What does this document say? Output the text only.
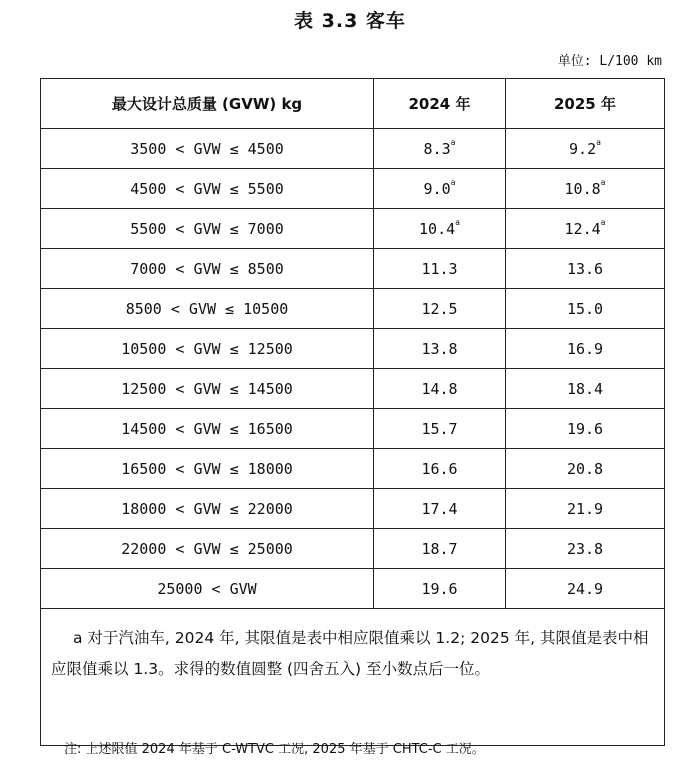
表 3.3 客车
单位: L/100 km
最大设计总质量 (GVW) kg	2024 年	2025 年
3500 < GVW ≤ 4500	8.3$^a$	9.2$^a$
4500 < GVW ≤ 5500	9.0$^a$	10.8$^a$
5500 < GVW ≤ 7000	10.4$^a$	12.4$^a$
7000 < GVW ≤ 8500	11.3	13.6
8500 < GVW ≤ 10500	12.5	15.0
10500 < GVW ≤ 12500	13.8	16.9
12500 < GVW ≤ 14500	14.8	18.4
14500 < GVW ≤ 16500	15.7	19.6
16500 < GVW ≤ 18000	16.6	20.8
18000 < GVW ≤ 22000	17.4	21.9
22000 < GVW ≤ 25000	18.7	23.8
25000 < GVW	19.6	24.9
a 对于汽油车, 2024 年, 其限值是表中相应限值乘以 1.2; 2025 年, 其限值是表中相应限值乘以 1.3。求得的数值圆整 (四舍五入) 至小数点后一位。		
注: 上述限值 2024 年基于 C-WTVC 工况, 2025 年基于 CHTC-C 工况。
